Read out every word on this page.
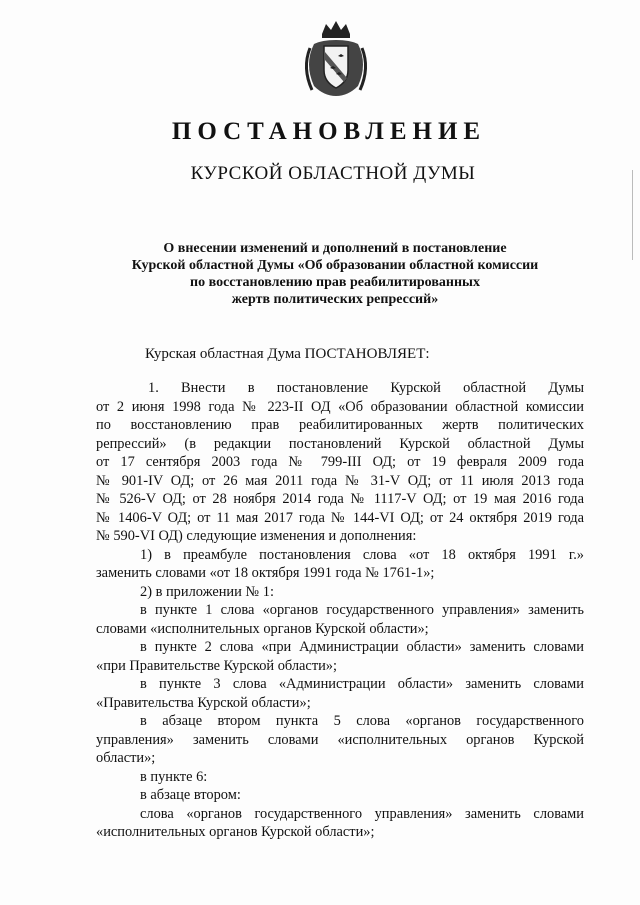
ПОСТАНОВЛЕНИЕ
КУРСКОЙ ОБЛАСТНОЙ ДУМЫ
О внесении изменений и дополнений в постановление
Курской областной Думы «Об образовании областной комиссии
по восстановлению прав реабилитированных
жертв политических репрессий»
Курская областная Дума ПОСТАНОВЛЯЕТ:
1. Внести в постановление Курской областной Думы
от 2 июня 1998 года № 223-II ОД «Об образовании областной комиссии
по восстановлению прав реабилитированных жертв политических
репрессий» (в редакции постановлений Курской областной Думы
от 17 сентября 2003 года № 799-III ОД; от 19 февраля 2009 года
№ 901-IV ОД; от 26 мая 2011 года № 31-V ОД; от 11 июля 2013 года
№ 526-V ОД; от 28 ноября 2014 года № 1117-V ОД; от 19 мая 2016 года
№ 1406-V ОД; от 11 мая 2017 года № 144-VI ОД; от 24 октября 2019 года
№ 590-VI ОД) следующие изменения и дополнения:
1) в преамбуле постановления слова «от 18 октября 1991 г.»
заменить словами «от 18 октября 1991 года № 1761-1»;
2) в приложении № 1:
в пункте 1 слова «органов государственного управления» заменить
словами «исполнительных органов Курской области»;
в пункте 2 слова «при Администрации области» заменить словами
«при Правительстве Курской области»;
в пункте 3 слова «Администрации области» заменить словами
«Правительства Курской области»;
в абзаце втором пункта 5 слова «органов государственного
управления» заменить словами «исполнительных органов Курской
области»;
в пункте 6:
в абзаце втором:
слова «органов государственного управления» заменить словами
«исполнительных органов Курской области»;
